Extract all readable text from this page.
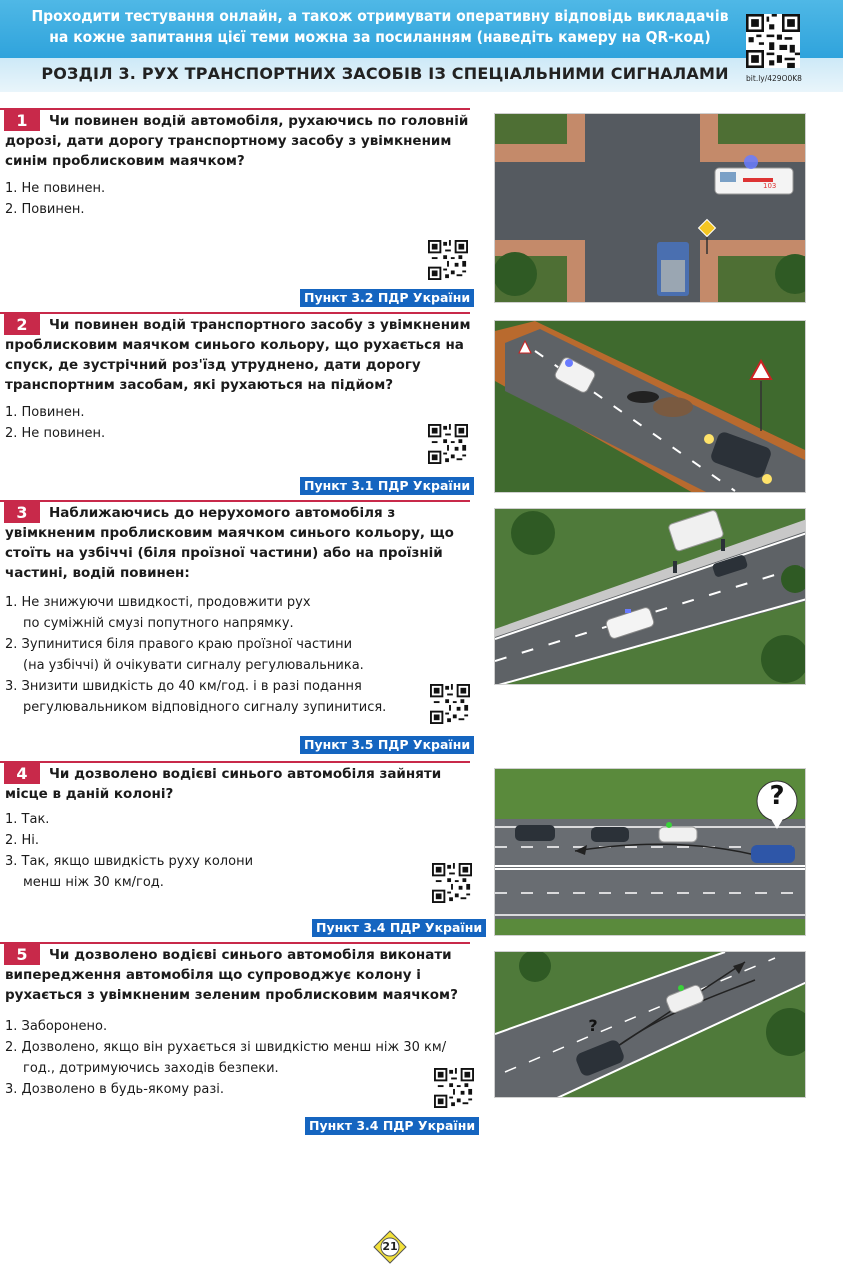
Проходити тестування онлайн, а також отримувати оперативну відповідь викладачів
на кожне запитання цієї теми можна за посиланням (наведіть камеру на QR-код)
РОЗДІЛ 3. РУХ ТРАНСПОРТНИХ ЗАСОБІВ ІЗ СПЕЦІАЛЬНИМИ СИГНАЛАМИ	bit.ly/429O0K8
1	Чи повинен водій автомобіля, рухаючись по головній дорозі, дати дорогу транспортному засобу з увімкненим синім проблисковим маячком?
1. Не повинен.
2. Повинен.
Пункт 3.2 ПДР України
103
2	Чи повинен водій транспортного засобу з увімкненим проблисковим маячком синього кольору, що рухається на спуск, де зустрічний роз'їзд утруднено, дати дорогу транспортним засобам, які рухаються на підйом?
1. Повинен.
2. Не повинен.
Пункт 3.1 ПДР України
3	Наближаючись до нерухомого автомобіля з увімкненим проблисковим маячком синього кольору, що стоїть на узбіччі (біля проїзної частини) або на проїзній частині, водій повинен:
1. Не знижуючи швидкості, продовжити рух
по суміжній смузі попутного напрямку.
2. Зупинитися біля правого краю проїзної частини
(на узбіччі) й очікувати сигналу регулювальника.
3. Знизити швидкість до 40 км/год. і в разі подання
регулювальником відповідного сигналу зупинитися.
Пункт 3.5 ПДР України
4	Чи дозволено водієві синього автомобіля зайняти місце в даній колоні?
1. Так.
2. Ні.
3. Так, якщо швидкість руху колони
менш ніж 30 км/год.
Пункт 3.4 ПДР України
?
5	Чи дозволено водієві синього автомобіля виконати випередження автомобіля що супроводжує колону і рухається з увімкненим зеленим проблисковим маячком?
1. Заборонено.
2. Дозволено, якщо він рухається зі швидкістю менш ніж 30 км/
год., дотримуючись заходів безпеки.
3. Дозволено в будь-якому разі.
Пункт 3.4 ПДР України
?
21
